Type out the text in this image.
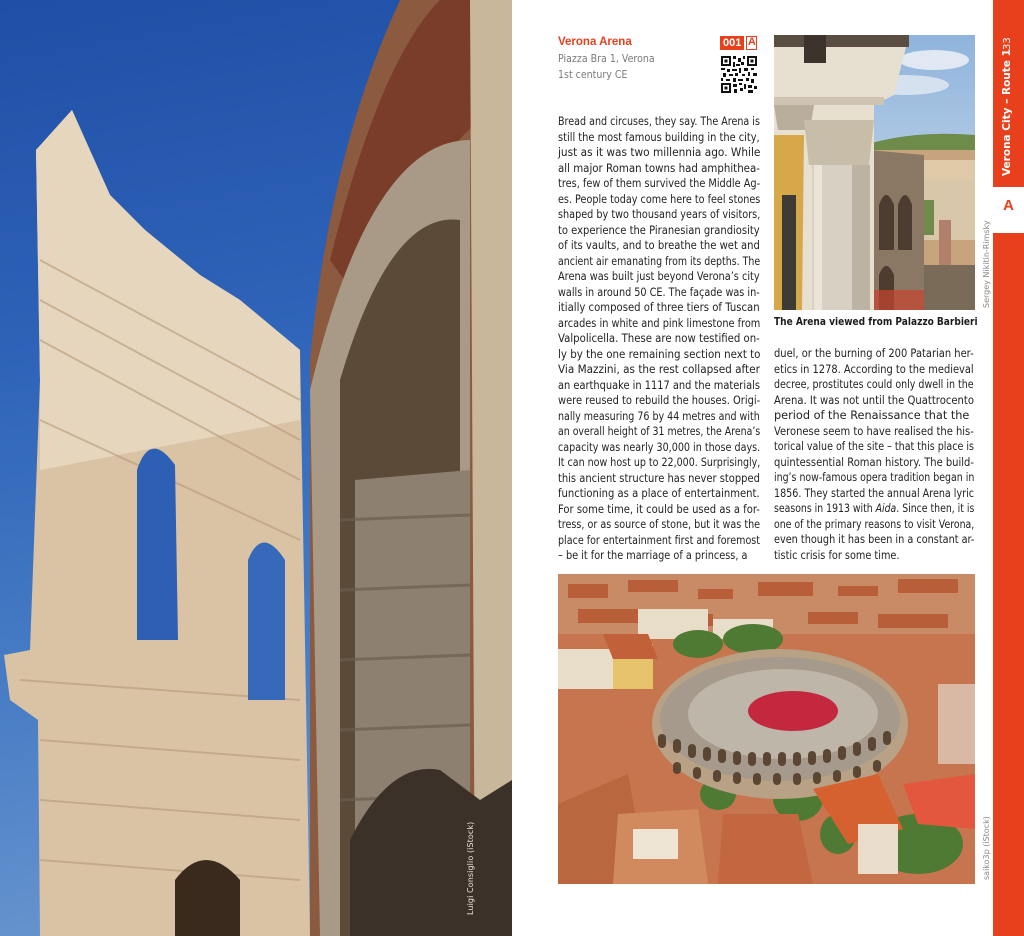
Luigi Consiglio (iStock)
Verona Arena
Piazza Bra 1, Verona
1st century CE
001 A
Sergey Nikitin-Rimsky
The Arena viewed from Palazzo Barbieri
Bread and circuses, they say. The Arena is
still the most famous building in the city,
just as it was two millennia ago. While
all major Roman towns had amphithea-
tres, few of them survived the Middle Ag-
es. People today come here to feel stones
shaped by two thousand years of visitors,
to experience the Piranesian grandiosity
of its vaults, and to breathe the wet and
ancient air emanating from its depths. The
Arena was built just beyond Verona’s city
walls in around 50 CE. The façade was in-
itially composed of three tiers of Tuscan
arcades in white and pink limestone from
Valpolicella. These are now testified on-
ly by the one remaining section next to
Via Mazzini, as the rest collapsed after
an earthquake in 1117 and the materials
were reused to rebuild the houses. Origi-
nally measuring 76 by 44 metres and with
an overall height of 31 metres, the Arena’s
capacity was nearly 30,000 in those days.
It can now host up to 22,000. Surprisingly,
this ancient structure has never stopped
functioning as a place of entertainment.
For some time, it could be used as a for-
tress, or as source of stone, but it was the
place for entertainment first and foremost
– be it for the marriage of a princess, a
duel, or the burning of 200 Patarian her-
etics in 1278. According to the medieval
decree, prostitutes could only dwell in the
Arena. It was not until the Quattrocento
period of the Renaissance that the
Veronese seem to have realised the his-
torical value of the site – that this place is
quintessential Roman history. The build-
ing’s now-famous opera tradition began in
1856. They started the annual Arena lyric
seasons in 1913 with Aida. Since then, it is
one of the primary reasons to visit Verona,
even though it has been in a constant ar-
tistic crisis for some time.
saiko3p (iStock)
33
Verona City – Route 1
A
